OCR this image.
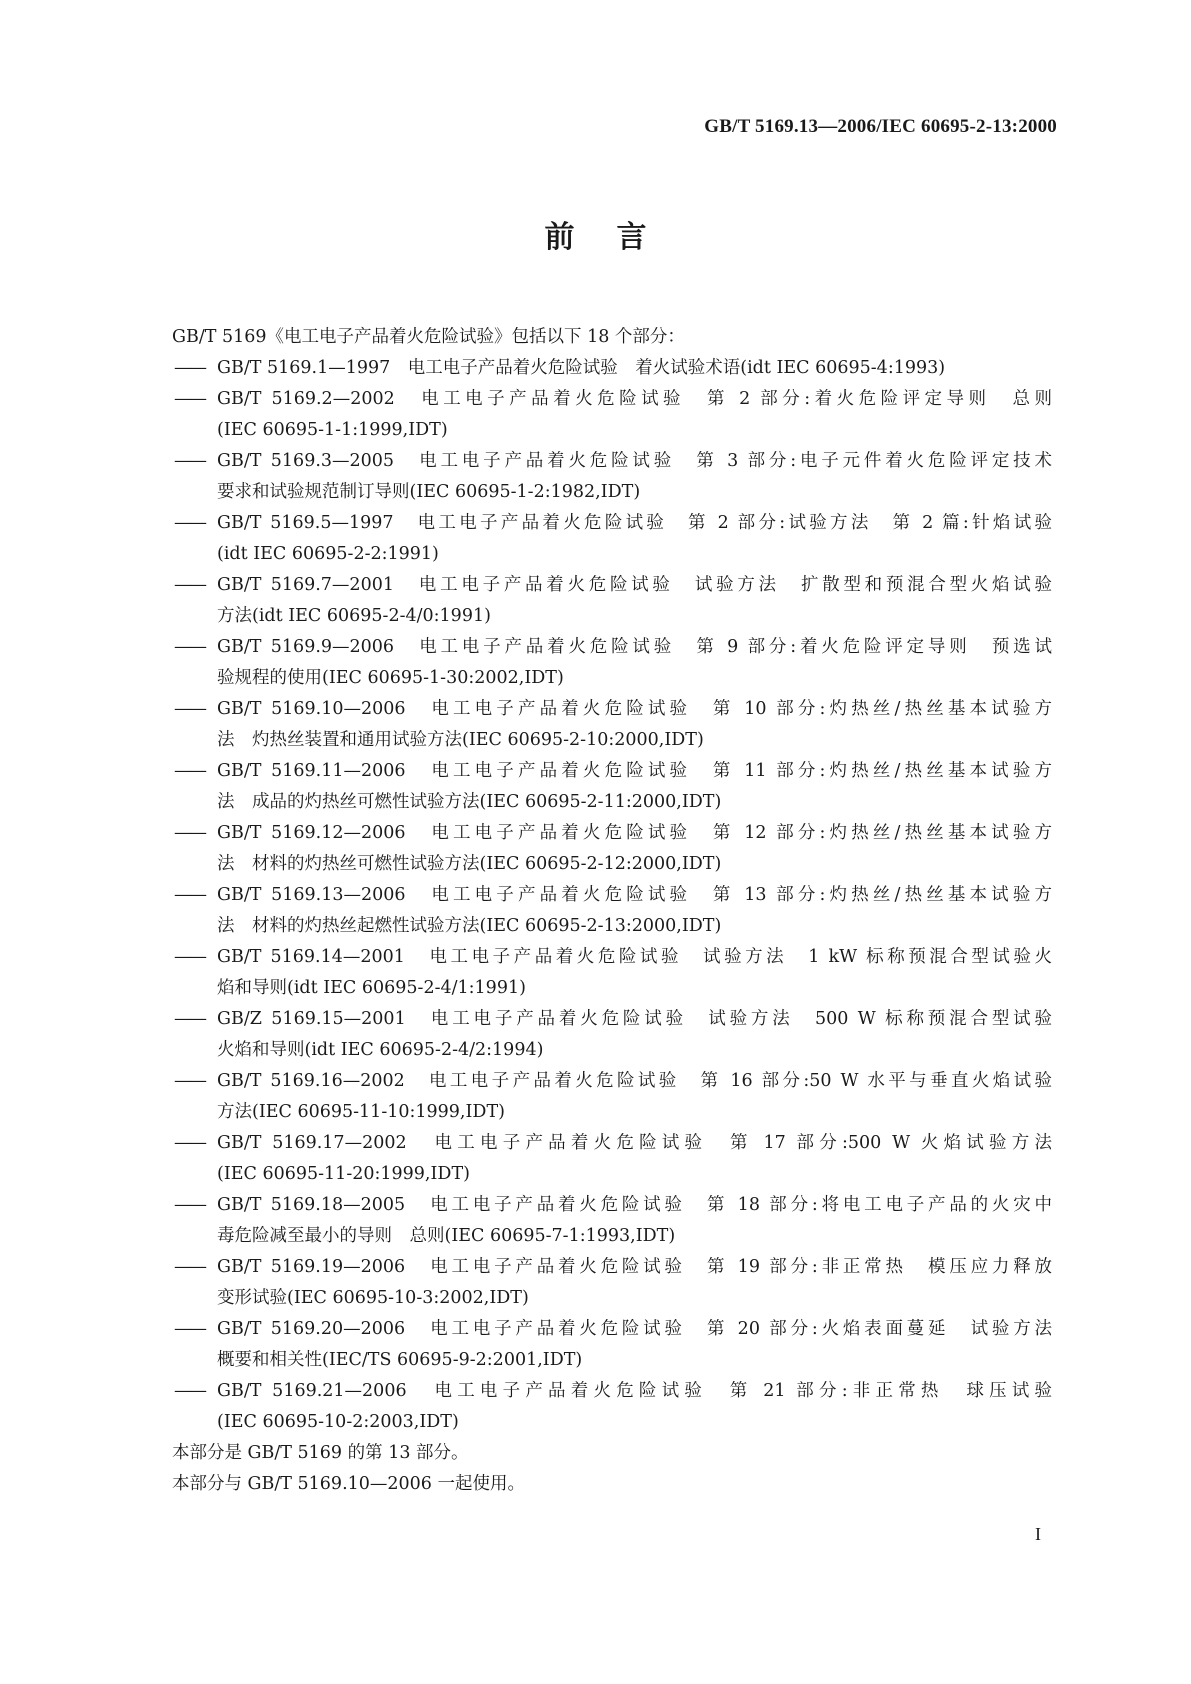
GB/T 5169.13—2006/IEC 60695-2-13:2000
前言
GB/T 5169《电工电子产品着火危险试验》包括以下 18 个部分：
—— GB/T 5169.1—1997　电工电子产品着火危险试验　着火试验术语(idt IEC 60695-4:1993)
—— GB/T 5169.2—2002　电工电子产品着火危险试验　第 2 部分:着火危险评定导则　总则
(IEC 60695-1-1:1999,IDT)
—— GB/T 5169.3—2005　电工电子产品着火危险试验　第 3 部分:电子元件着火危险评定技术
要求和试验规范制订导则(IEC 60695-1-2:1982,IDT)
—— GB/T 5169.5—1997　电工电子产品着火危险试验　第 2 部分:试验方法　第 2 篇:针焰试验
(idt IEC 60695-2-2:1991)
—— GB/T 5169.7—2001　电工电子产品着火危险试验　试验方法　扩散型和预混合型火焰试验
方法(idt IEC 60695-2-4/0:1991)
—— GB/T 5169.9—2006　电工电子产品着火危险试验　第 9 部分:着火危险评定导则　预选试
验规程的使用(IEC 60695-1-30:2002,IDT)
—— GB/T 5169.10—2006　电工电子产品着火危险试验　第 10 部分:灼热丝/热丝基本试验方
法　灼热丝装置和通用试验方法(IEC 60695-2-10:2000,IDT)
—— GB/T 5169.11—2006　电工电子产品着火危险试验　第 11 部分:灼热丝/热丝基本试验方
法　成品的灼热丝可燃性试验方法(IEC 60695-2-11:2000,IDT)
—— GB/T 5169.12—2006　电工电子产品着火危险试验　第 12 部分:灼热丝/热丝基本试验方
法　材料的灼热丝可燃性试验方法(IEC 60695-2-12:2000,IDT)
—— GB/T 5169.13—2006　电工电子产品着火危险试验　第 13 部分:灼热丝/热丝基本试验方
法　材料的灼热丝起燃性试验方法(IEC 60695-2-13:2000,IDT)
—— GB/T 5169.14—2001　电工电子产品着火危险试验　试验方法　1 kW 标称预混合型试验火
焰和导则(idt IEC 60695-2-4/1:1991)
—— GB/Z 5169.15—2001　电工电子产品着火危险试验　试验方法　500 W 标称预混合型试验
火焰和导则(idt IEC 60695-2-4/2:1994)
—— GB/T 5169.16—2002　电工电子产品着火危险试验　第 16 部分:50 W 水平与垂直火焰试验
方法(IEC 60695-11-10:1999,IDT)
—— GB/T 5169.17—2002　电工电子产品着火危险试验　第 17 部分:500 W 火焰试验方法
(IEC 60695-11-20:1999,IDT)
—— GB/T 5169.18—2005　电工电子产品着火危险试验　第 18 部分:将电工电子产品的火灾中
毒危险减至最小的导则　总则(IEC 60695-7-1:1993,IDT)
—— GB/T 5169.19—2006　电工电子产品着火危险试验　第 19 部分:非正常热　模压应力释放
变形试验(IEC 60695-10-3:2002,IDT)
—— GB/T 5169.20—2006　电工电子产品着火危险试验　第 20 部分:火焰表面蔓延　试验方法
概要和相关性(IEC/TS 60695-9-2:2001,IDT)
—— GB/T 5169.21—2006　电工电子产品着火危险试验　第 21 部分:非正常热　球压试验
(IEC 60695-10-2:2003,IDT)
本部分是 GB/T 5169 的第 13 部分。
本部分与 GB/T 5169.10—2006 一起使用。
I
